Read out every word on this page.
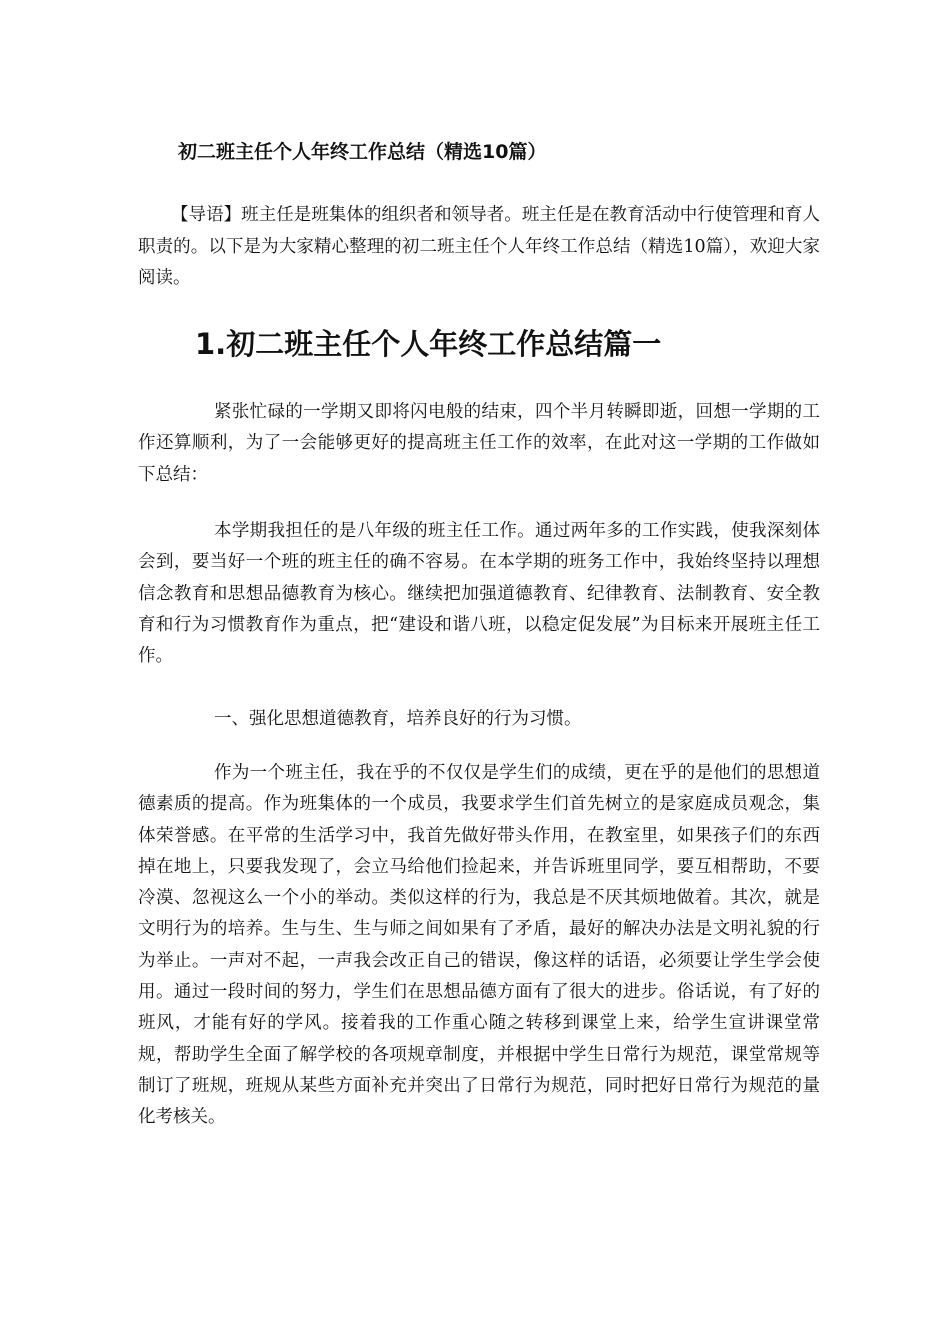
初二班主任个人年终工作总结（精选10篇）

【导语】班主任是班集体的组织者和领导者。班主任是在教育活动中行使管理和育人职责的。以下是为大家精心整理的初二班主任个人年终工作总结（精选10篇），欢迎大家阅读。

1.初二班主任个人年终工作总结篇一

紧张忙碌的一学期又即将闪电般的结束，四个半月转瞬即逝，回想一学期的工作还算顺利，为了一会能够更好的提高班主任工作的效率，在此对这一学期的工作做如下总结：

本学期我担任的是八年级的班主任工作。通过两年多的工作实践，使我深刻体会到，要当好一个班的班主任的确不容易。在本学期的班务工作中，我始终坚持以理想信念教育和思想品德教育为核心。继续把加强道德教育、纪律教育、法制教育、安全教育和行为习惯教育作为重点，把“建设和谐八班，以稳定促发展”为目标来开展班主任工作。

一、强化思想道德教育，培养良好的行为习惯。

作为一个班主任，我在乎的不仅仅是学生们的成绩，更在乎的是他们的思想道德素质的提高。作为班集体的一个成员，我要求学生们首先树立的是家庭成员观念，集体荣誉感。在平常的生活学习中，我首先做好带头作用，在教室里，如果孩子们的东西掉在地上，只要我发现了，会立马给他们捡起来，并告诉班里同学，要互相帮助，不要冷漠、忽视这么一个小的举动。类似这样的行为，我总是不厌其烦地做着。其次，就是文明行为的培养。生与生、生与师之间如果有了矛盾，最好的解决办法是文明礼貌的行为举止。一声对不起，一声我会改正自己的错误，像这样的话语，必须要让学生学会使用。通过一段时间的努力，学生们在思想品德方面有了很大的进步。俗话说，有了好的班风，才能有好的学风。接着我的工作重心随之转移到课堂上来，给学生宣讲课堂常规，帮助学生全面了解学校的各项规章制度，并根据中学生日常行为规范，课堂常规等制订了班规，班规从某些方面补充并突出了日常行为规范，同时把好日常行为规范的量化考核关。
